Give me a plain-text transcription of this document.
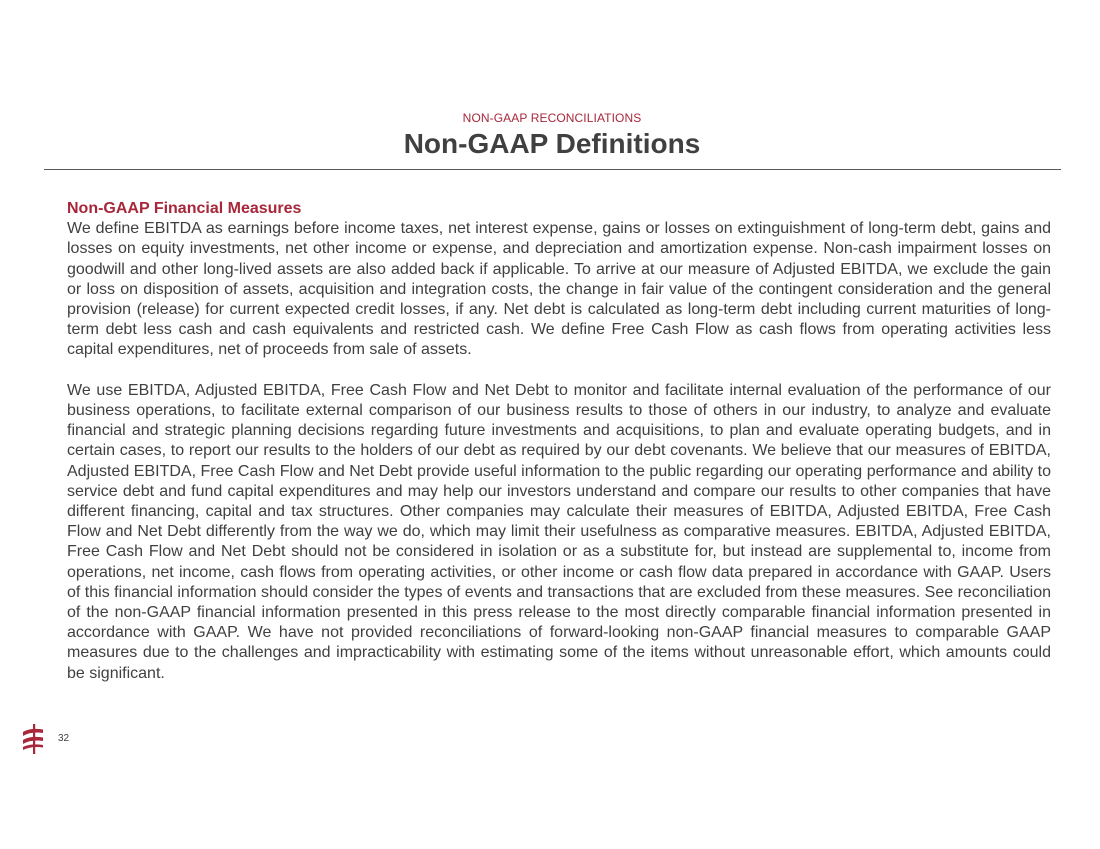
NON-GAAP RECONCILIATIONS
Non-GAAP Definitions
Non-GAAP Financial Measures

We define EBITDA as earnings before income taxes, net interest expense, gains or losses on extinguishment of long-term debt, gains and losses on equity investments, net other income or expense, and depreciation and amortization expense. Non-cash impairment losses on goodwill and other long-lived assets are also added back if applicable. To arrive at our measure of Adjusted EBITDA, we exclude the gain or loss on disposition of assets, acquisition and integration costs, the change in fair value of the contingent consideration and the general provision (release) for current expected credit losses, if any. Net debt is calculated as long-term debt including current maturities of long-term debt less cash and cash equivalents and restricted cash. We define Free Cash Flow as cash flows from operating activities less capital expenditures, net of proceeds from sale of assets.

We use EBITDA, Adjusted EBITDA, Free Cash Flow and Net Debt to monitor and facilitate internal evaluation of the performance of our business operations, to facilitate external comparison of our business results to those of others in our industry, to analyze and evaluate financial and strategic planning decisions regarding future investments and acquisitions, to plan and evaluate operating budgets, and in certain cases, to report our results to the holders of our debt as required by our debt covenants. We believe that our measures of EBITDA, Adjusted EBITDA, Free Cash Flow and Net Debt provide useful information to the public regarding our operating performance and ability to service debt and fund capital expenditures and may help our investors understand and compare our results to other companies that have different financing, capital and tax structures. Other companies may calculate their measures of EBITDA, Adjusted EBITDA, Free Cash Flow and Net Debt differently from the way we do, which may limit their usefulness as comparative measures. EBITDA, Adjusted EBITDA, Free Cash Flow and Net Debt should not be considered in isolation or as a substitute for, but instead are supplemental to, income from operations, net income, cash flows from operating activities, or other income or cash flow data prepared in accordance with GAAP. Users of this financial information should consider the types of events and transactions that are excluded from these measures. See reconciliation of the non-GAAP financial information presented in this press release to the most directly comparable financial information presented in accordance with GAAP. We have not provided reconciliations of forward-looking non-GAAP financial measures to comparable GAAP measures due to the challenges and impracticability with estimating some of the items without unreasonable effort, which amounts could be significant.

32
